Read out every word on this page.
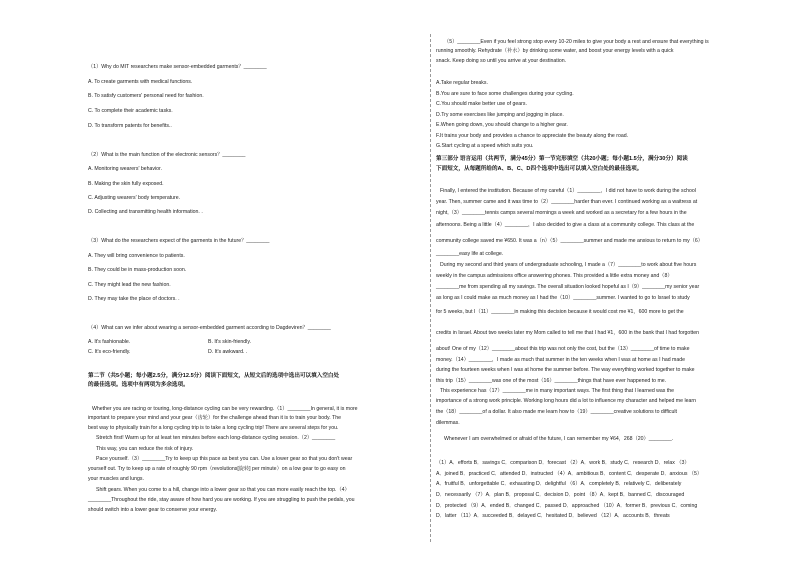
（1）Why do MIT researchers make sensor-embedded garments？________
A. To create garments with medical functions.
B. To satisfy customers' personal need for fashion.
C. To complete their academic tasks.
D. To transform patents for benefits..
（2）What is the main function of the electronic sensors？________
A. Monitoring wearers' behavior.
B. Making the skin fully exposed.
C. Adjusting wearers' body temperature.
D. Collecting and transmitting health information. .
（3）What do the researchers expect of the garments in the future？________
A. They will bring convenience to patients.
B. They could be in mass-production soon.
C. They might lead the new fashion.
D. They may take the place of doctors. .
（4）What can we infer about wearing a sensor-embedded garment according to Dagdeviren？________
A. It's fashionable.	B. It's skin-friendly.
C. It's eco-friendly.	D. It's awkward. .
第二节（共5小题；每小题2.5分，满分12.5分）阅读下面短文，从短文后的选项中选出可以填入空白处
的最佳选项。选项中有两项为多余选项。
Whether you are racing or touring, long-distance cycling can be very rewarding.（1）________In general, it is more
important to prepare your mind and your gear（齿轮）for the challenge ahead than it is to train your body. The
best way to physically train for a long cycling trip is to take a long cycling trip! There are several steps for you.
Stretch first! Warm up for at least ten minutes before each long-distance cycling session.（2）________
This way, you can reduce the risk of injury.
Pace yourself.（3）________Try to keep up this pace as best you can. Use a lower gear so that you don't wear
yourself out. Try to keep up a rate of roughly 90 rpm（revolutions[旋转] per minute）on a low gear to go easy on
your muscles and lungs.
Shift gears. When you come to a hill, change into a lower gear so that you can more easily reach the top.（4）
________Throughout the ride, stay aware of how hard you are working. If you are struggling to push the pedals, you
should switch into a lower gear to conserve your energy.
（5）________Even if you feel strong stop every 10-20 miles to give your body a rest and ensure that everything is
running smoothly. Rehydrate（补水）by drinking some water, and boost your energy levels with a quick
snack. Keep doing so until you arrive at your destination.
A.Take regular breaks.
B.You are sure to face some challenges during your cycling.
C.You should make better use of gears.
D.Try some exercises like jumping and jogging in place.
E.When going down, you should change to a higher gear.
F.It trains your body and provides a chance to appreciate the beauty along the road.
G.Start cycling at a speed which suits you.
第三部分 语言运用（共两节，满分45分）第一节完形填空（共20小题；每小题1.5分，满分30分）阅读
下面短文，从每题所给的A、B、C、D四个选项中选出可以填入空白处的最佳选项。
Finally, I entered the institution. Because of my careful（1）________，I did not have to work during the school
year. Then, summer came and it was time to（2）________harder than ever. I continued working as a waitress at
night,（3）________tennis camps several mornings a week and worked as a secretary for a few hours in the
afternoons. Being a little（4）________，I also decided to give a class at a community college. This class at the
community college saved me ¥650. It was a（n）（5）________summer and made me anxious to return to my（6）
________easy life at college.
During my second and third years of undergraduate schooling, I made a（7）________to work about five hours
weekly in the campus admissions office answering phones. This provided a little extra money and（8）
________me from spending all my savings. The overall situation looked hopeful as I（9）________my senior year
as long as I could make as much money as I had the（10）________summer. I wanted to go to Israel to study
for 5 weeks, but I（11）________in making this decision because it would cost me ¥1，600 more to get the
credits in Israel. About two weeks later my Mom called to tell me that I had ¥1，600 in the bank that I had forgotten
about! One of my（12）________about this trip was not only the cost, but the（13）________of time to make
money.（14）________，I made as much that summer in the ten weeks when I was at home as I had made
during the fourteen weeks when I was at home the summer before. The way everything worked together to make
this trip（15）________was one of the most（16）________things that have ever happened to me.
This experience has（17）________me in many important ways. The first thing that I learned was the
importance of a strong work principle. Working long hours did a lot to influence my character and helped me learn
the（18）________of a dollar. It also made me learn how to（19）________creative solutions to difficult
dilemmas.
Whenever I am overwhelmed or afraid of the future, I can remember my ¥64，268（20）________.
（1）A．efforts B．savings C．comparison D．forecast （2）A．work B．study C．research D．relax （3）
A．joined B．practiced C．attended D．instructed （4）A．ambitious B．content C．desperate D．anxious （5）
A．fruitful B．unforgettable C．exhausting D．delightful （6）A．completely B．relatively C．deliberately
D．necessarily （7）A．plan B．proposal C．decision D．point （8）A．kept B．banned C．discouraged
D．protected （9）A．ended B．changed C．passed D．approached （10）A．former B．previous C．coming
D．latter （11）A．succeeded B．delayed C．hesitated D．believed （12）A．accounts B．threats
